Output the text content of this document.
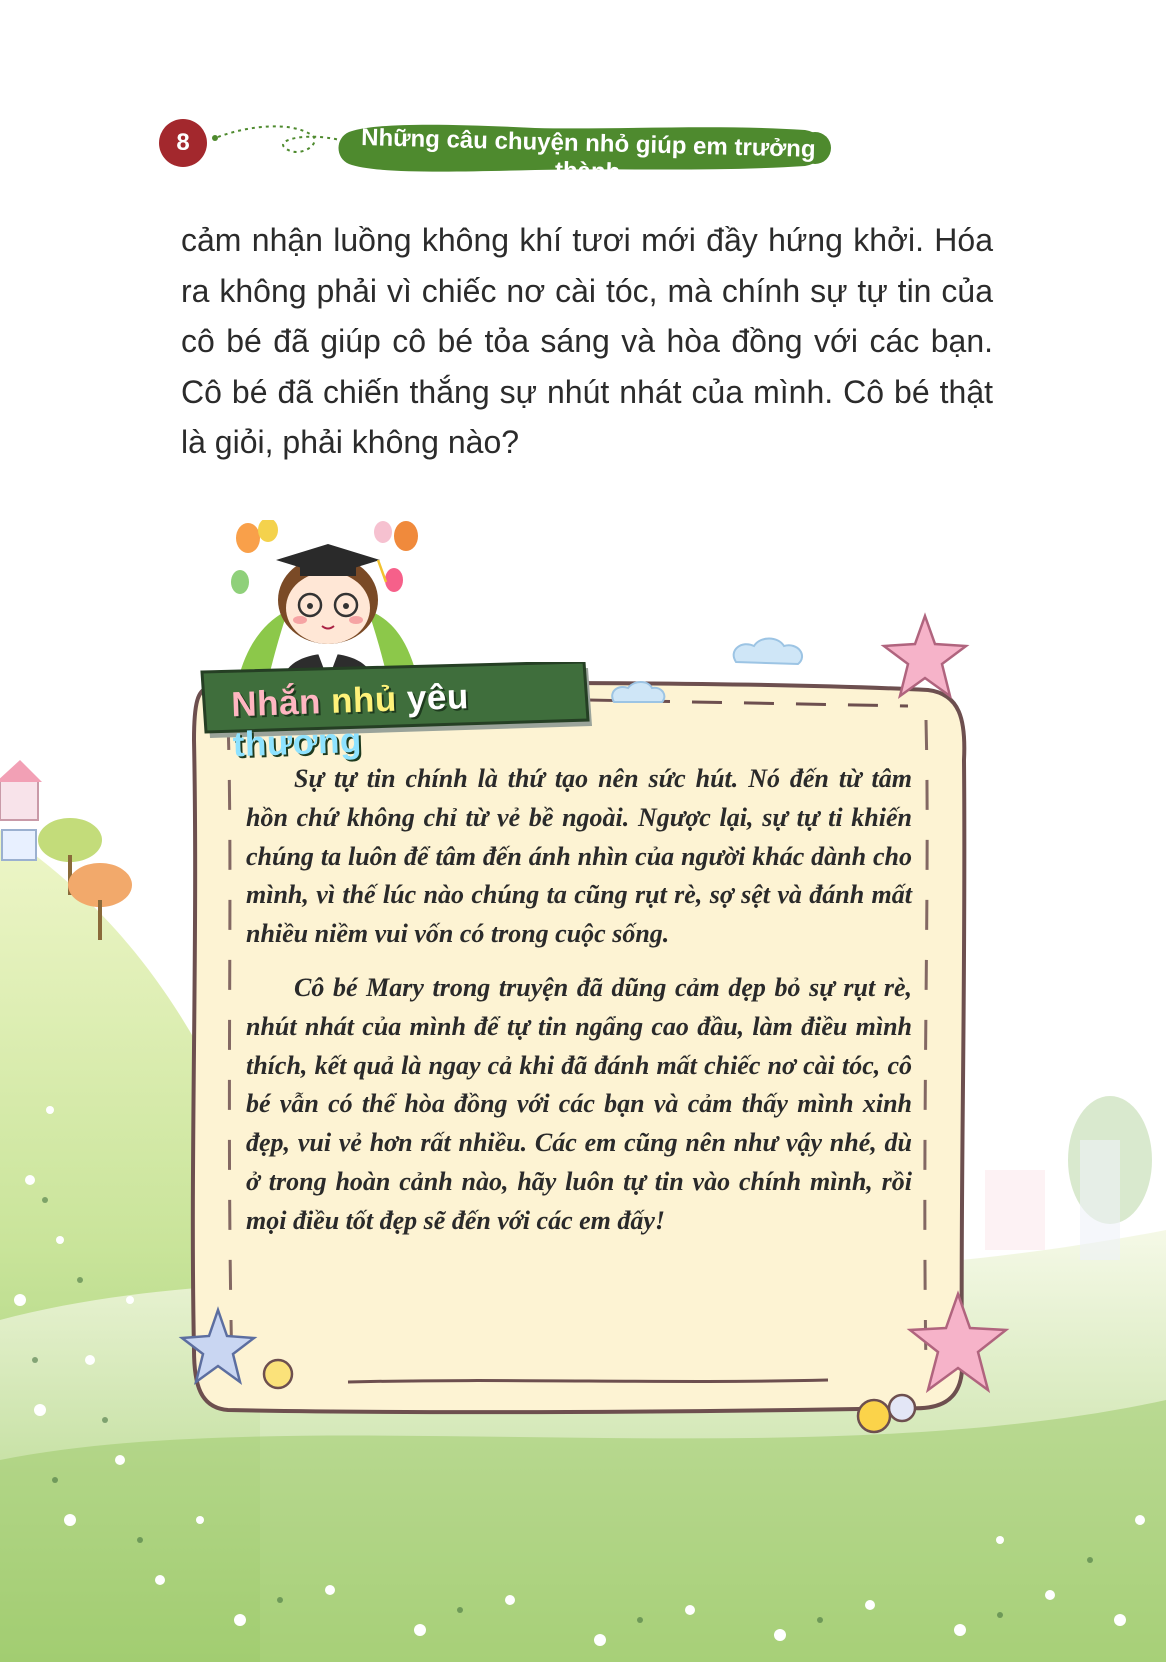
8	Những câu chuyện nhỏ giúp em trưởng thành

cảm nhận luồng không khí tươi mới đầy hứng khởi. Hóa ra không phải vì chiếc nơ cài tóc, mà chính sự tự tin của cô bé đã giúp cô bé tỏa sáng và hòa đồng với các bạn. Cô bé đã chiến thắng sự nhút nhát của mình. Cô bé thật là giỏi, phải không nào?

Nhắn nhủ yêu thương

Sự tự tin chính là thứ tạo nên sức hút. Nó đến từ tâm hồn chứ không chỉ từ vẻ bề ngoài. Ngược lại, sự tự ti khiến chúng ta luôn để tâm đến ánh nhìn của người khác dành cho mình, vì thế lúc nào chúng ta cũng rụt rè, sợ sệt và đánh mất nhiều niềm vui vốn có trong cuộc sống.

Cô bé Mary trong truyện đã dũng cảm dẹp bỏ sự rụt rè, nhút nhát của mình để tự tin ngẩng cao đầu, làm điều mình thích, kết quả là ngay cả khi đã đánh mất chiếc nơ cài tóc, cô bé vẫn có thể hòa đồng với các bạn và cảm thấy mình xinh đẹp, vui vẻ hơn rất nhiều. Các em cũng nên như vậy nhé, dù ở trong hoàn cảnh nào, hãy luôn tự tin vào chính mình, rồi mọi điều tốt đẹp sẽ đến với các em đấy!
